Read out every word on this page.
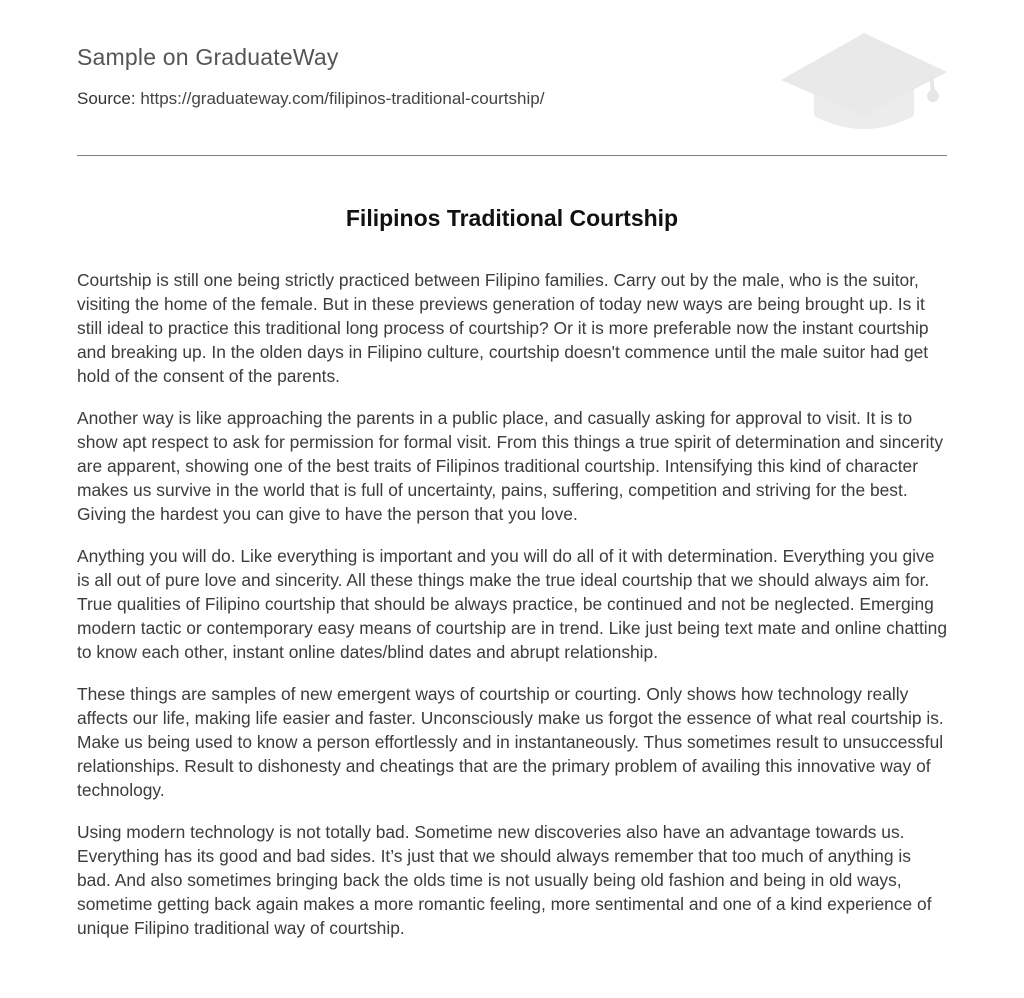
Sample on GraduateWay
Source: https://graduateway.com/filipinos-traditional-courtship/
Filipinos Traditional Courtship

Courtship is still one being strictly practiced between Filipino families. Carry out by the male, who is the suitor, visiting the home of the female. But in these previews generation of today new ways are being brought up. Is it still ideal to practice this traditional long process of courtship? Or it is more preferable now the instant courtship and breaking up. In the olden days in Filipino culture, courtship doesn't commence until the male suitor had get hold of the consent of the parents.

Another way is like approaching the parents in a public place, and casually asking for approval to visit. It is to show apt respect to ask for permission for formal visit. From this things a true spirit of determination and sincerity are apparent, showing one of the best traits of Filipinos traditional courtship. Intensifying this kind of character makes us survive in the world that is full of uncertainty, pains, suffering, competition and striving for the best. Giving the hardest you can give to have the person that you love.

Anything you will do. Like everything is important and you will do all of it with determination. Everything you give is all out of pure love and sincerity. All these things make the true ideal courtship that we should always aim for. True qualities of Filipino courtship that should be always practice, be continued and not be neglected. Emerging modern tactic or contemporary easy means of courtship are in trend. Like just being text mate and online chatting to know each other, instant online dates/blind dates and abrupt relationship.

These things are samples of new emergent ways of courtship or courting. Only shows how technology really affects our life, making life easier and faster. Unconsciously make us forgot the essence of what real courtship is. Make us being used to know a person effortlessly and in instantaneously. Thus sometimes result to unsuccessful relationships. Result to dishonesty and cheatings that are the primary problem of availing this innovative way of technology.

Using modern technology is not totally bad. Sometime new discoveries also have an advantage towards us. Everything has its good and bad sides. It’s just that we should always remember that too much of anything is bad. And also sometimes bringing back the olds time is not usually being old fashion and being in old ways, sometime getting back again makes a more romantic feeling, more sentimental and one of a kind experience of unique Filipino traditional way of courtship.
